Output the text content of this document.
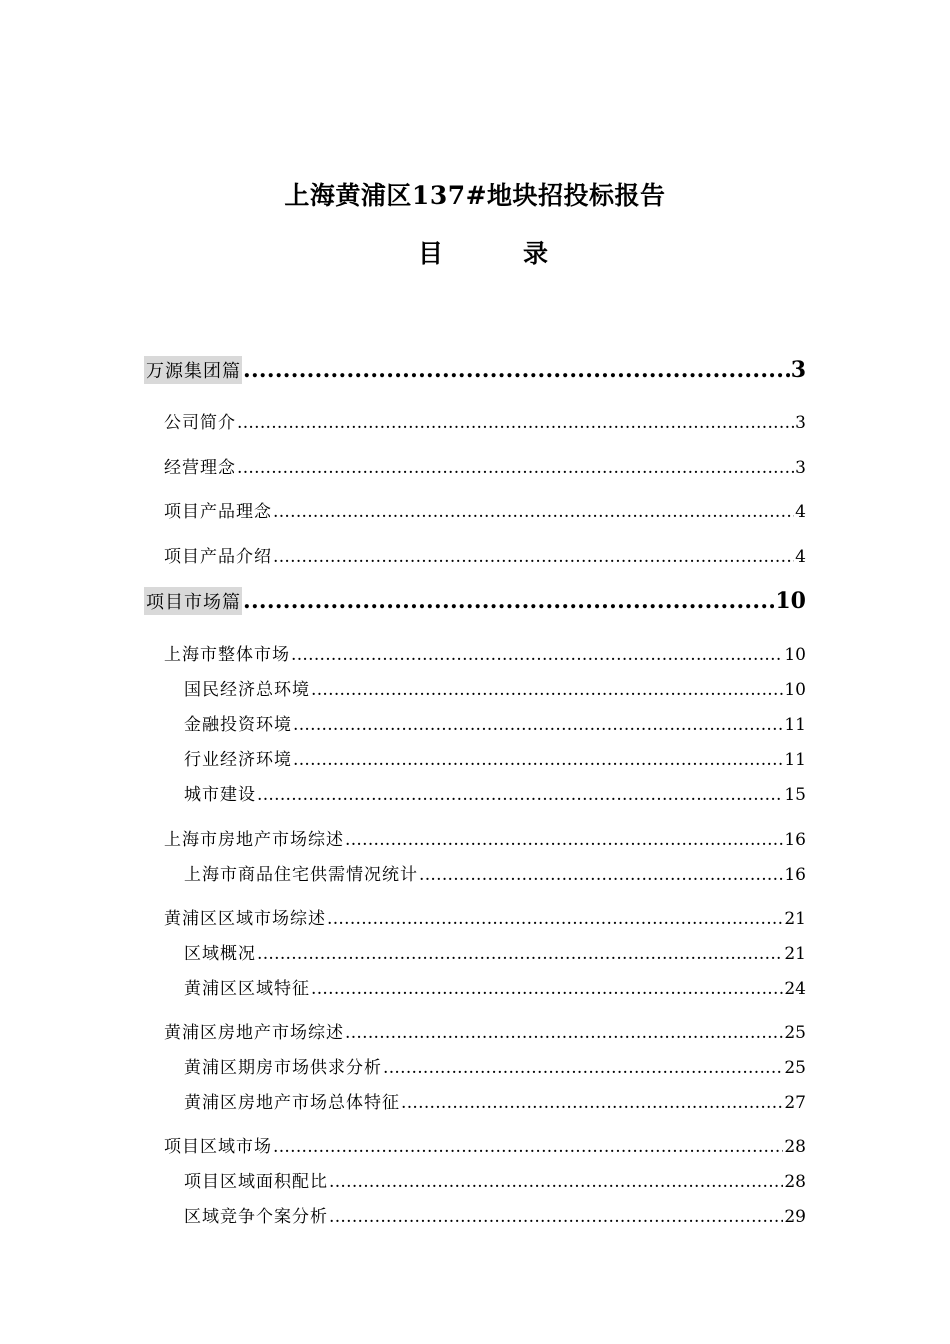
上海黄浦区137#地块招投标报告
目	录
万源集团篇 .....	3
公司简介 .....	3
经营理念 .....	3
项目产品理念 .....	4
项目产品介绍 .....	4
项目市场篇 .....	10
上海市整体市场 .....	10
国民经济总环境 .....	10
金融投资环境 .....	11
行业经济环境 .....	11
城市建设 .....	15
上海市房地产市场综述 .....	16
上海市商品住宅供需情况统计 .....	16
黄浦区区域市场综述 .....	21
区域概况 .....	21
黄浦区区域特征 .....	24
黄浦区房地产市场综述 .....	25
黄浦区期房市场供求分析 .....	25
黄浦区房地产市场总体特征 .....	27
项目区域市场 .....	28
项目区域面积配比 .....	28
区域竞争个案分析 .....	29
